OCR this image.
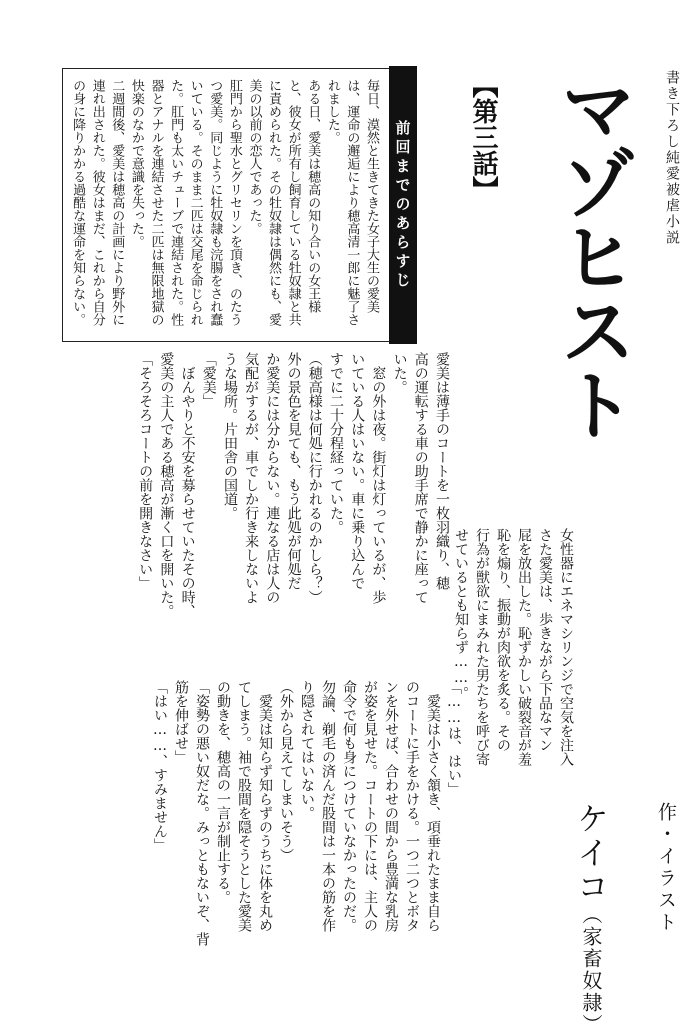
書き下ろし純愛被虐小説
マゾヒスト
【第三話】

女性器にエネマシリンジで空気を注入さた愛美は、歩きながら下品なマン

屁を放出した。恥ずかしい破裂音が羞恥を煽り、振動が肉欲を炙る。その

行為が獣欲にまみれた男たちを呼び寄せているとも知らず……。

作・イラスト
ケイコ（家畜奴隷）
前回までのあらすじ

毎日、漠然と生きてきた女子大生の愛美は、運命の邂逅により穂高清一郎に魅了されました。

ある日、愛美は穂高の知り合いの女王様と、彼女が所有し飼育している牡奴隷と共に責められた。その牡奴隷は偶然にも、愛美の以前の恋人であった。

肛門から聖水とグリセリンを頂き、のたうつ愛美。同じように牡奴隷も浣腸をされ蠢いている。そのまま二匹は交尾を命じられた。肛門も太いチューブで連結された。性器とアナルを連結させた二匹は無限地獄の快楽のなかで意識を失った。

二週間後、愛美は穂高の計画により野外に連れ出された。彼女はまだ、これから自分の身に降りかかる過酷な運命を知らない。

愛美は薄手のコートを一枚羽織り、穂

高の運転する車の助手席で静かに座って

いた。

　窓の外は夜。街灯は灯っているが、歩

いている人はいない。車に乗り込んで

すでに二十分程経っていた。

（穂高様は何処に行かれるのかしら？）

外の景色を見ても、もう此処が何処だ

か愛美には分からない。連なる店は人の

気配がするが、車でしか行き来しないよ

うな場所。片田舎の国道。

「愛美」

　ぼんやりと不安を募らせていたその時、

愛美の主人である穂高が漸く口を開いた。

「そろそろコートの前を開きなさい」

「……は、はい」

　愛美は小さく頷き、項垂れたまま自ら

のコートに手をかける。一つ二つとボタ

ンを外せば、合わせの間から豊満な乳房

が姿を見せた。コートの下には、主人の

命令で何も身につけていなかったのだ。

勿論、剃毛の済んだ股間は一本の筋を作

り隠されてはいない。

（外から見えてしまいそう）

　愛美は知らず知らずのうちに体を丸め

てしまう。袖で股間を隠そうとした愛美

の動きを、穂高の一言が制止する。

「姿勢の悪い奴だな。みっともないぞ、背

筋を伸ばせ」

「はい……、すみません」
